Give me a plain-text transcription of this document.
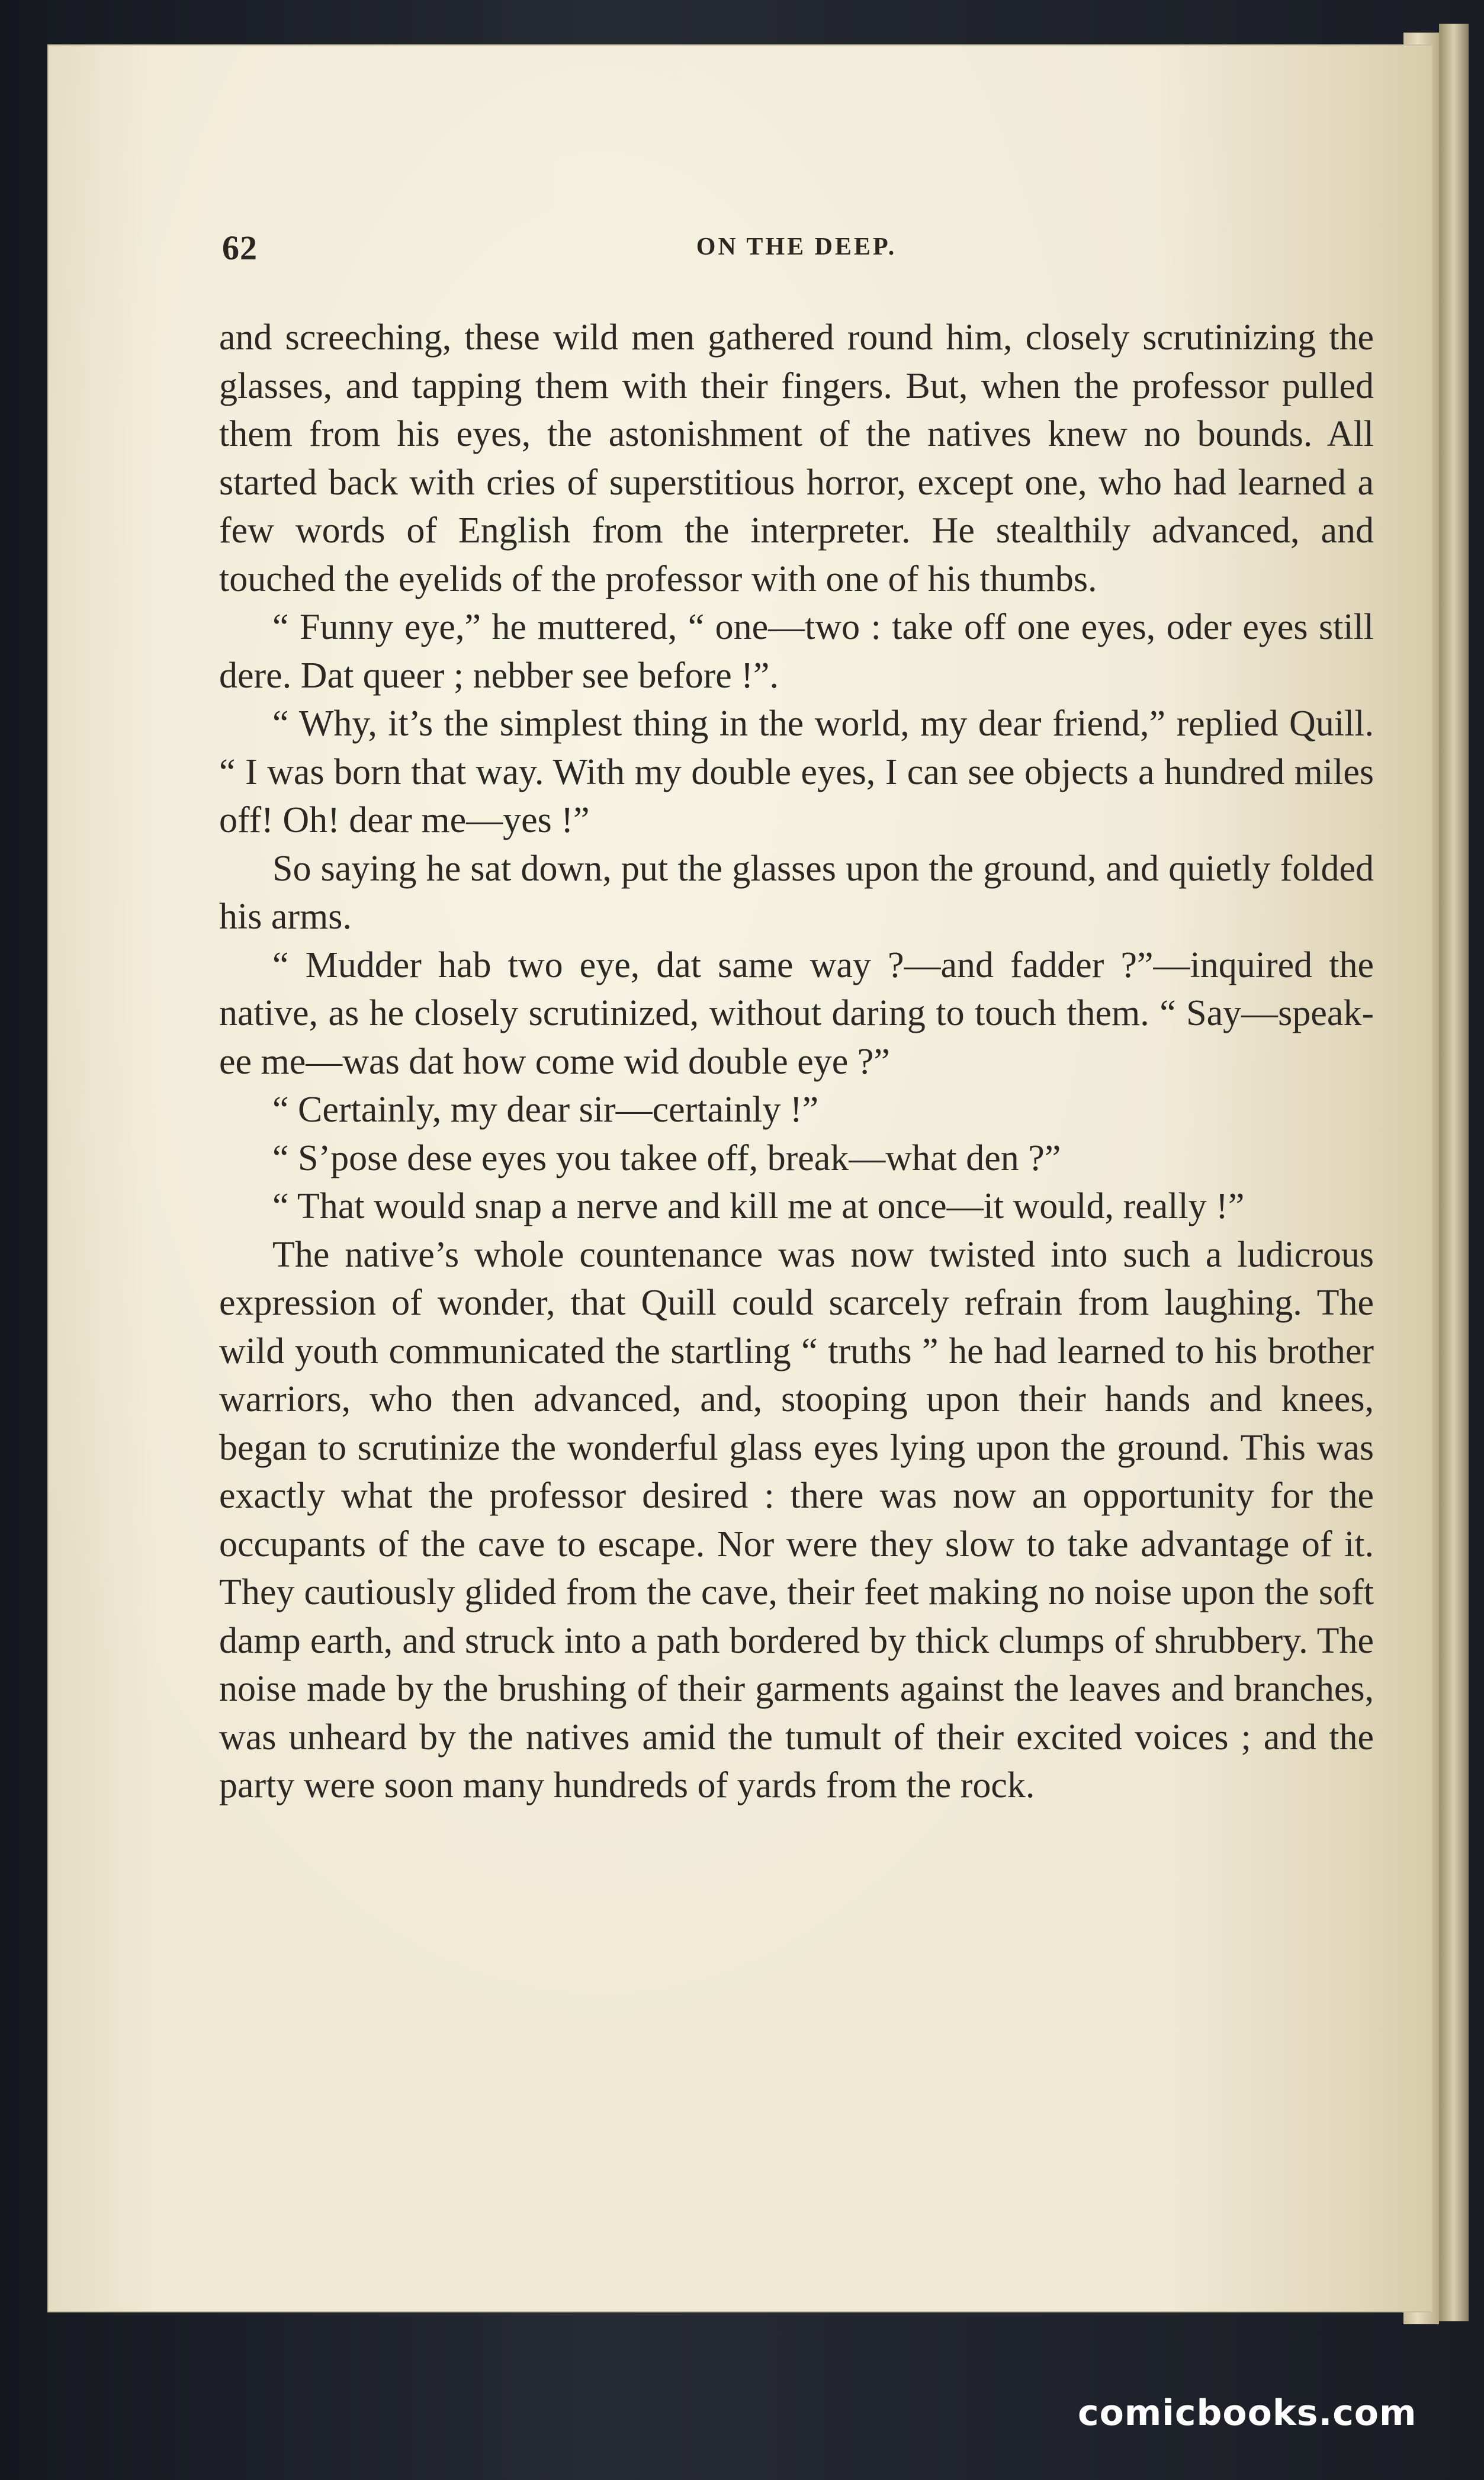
62	ON THE DEEP.

and screeching, these wild men gathered round him, closely scrutinizing the glasses, and tapping them with their fingers. But, when the professor pulled them from his eyes, the astonishment of the natives knew no bounds. All started back with cries of superstitious horror, except one, who had learned a few words of English from the interpreter. He stealthily advanced, and touched the eyelids of the professor with one of his thumbs.

“ Funny eye,” he muttered, “ one—two : take off one eyes, oder eyes still dere. Dat queer ; nebber see before !”.

“ Why, it’s the simplest thing in the world, my dear friend,” replied Quill. “ I was born that way. With my double eyes, I can see objects a hundred miles off! Oh! dear me—yes !”

So saying he sat down, put the glasses upon the ground, and quietly folded his arms.

“ Mudder hab two eye, dat same way ?—and fadder ?”—inquired the native, as he closely scrutinized, without daring to touch them. “ Say—speak-ee me—was dat how come wid double eye ?”

“ Certainly, my dear sir—certainly !”

“ S’pose dese eyes you takee off, break—what den ?”

“ That would snap a nerve and kill me at once—it would, really !”

The native’s whole countenance was now twisted into such a ludicrous expression of wonder, that Quill could scarcely refrain from laughing. The wild youth communicated the startling “ truths ” he had learned to his brother warriors, who then advanced, and, stooping upon their hands and knees, began to scrutinize the wonderful glass eyes lying upon the ground. This was exactly what the professor desired : there was now an opportunity for the occupants of the cave to escape. Nor were they slow to take advantage of it. They cautiously glided from the cave, their feet making no noise upon the soft damp earth, and struck into a path bordered by thick clumps of shrubbery. The noise made by the brushing of their garments against the leaves and branches, was unheard by the natives amid the tumult of their excited voices ; and the party were soon many hundreds of yards from the rock.

comicbooks.com
